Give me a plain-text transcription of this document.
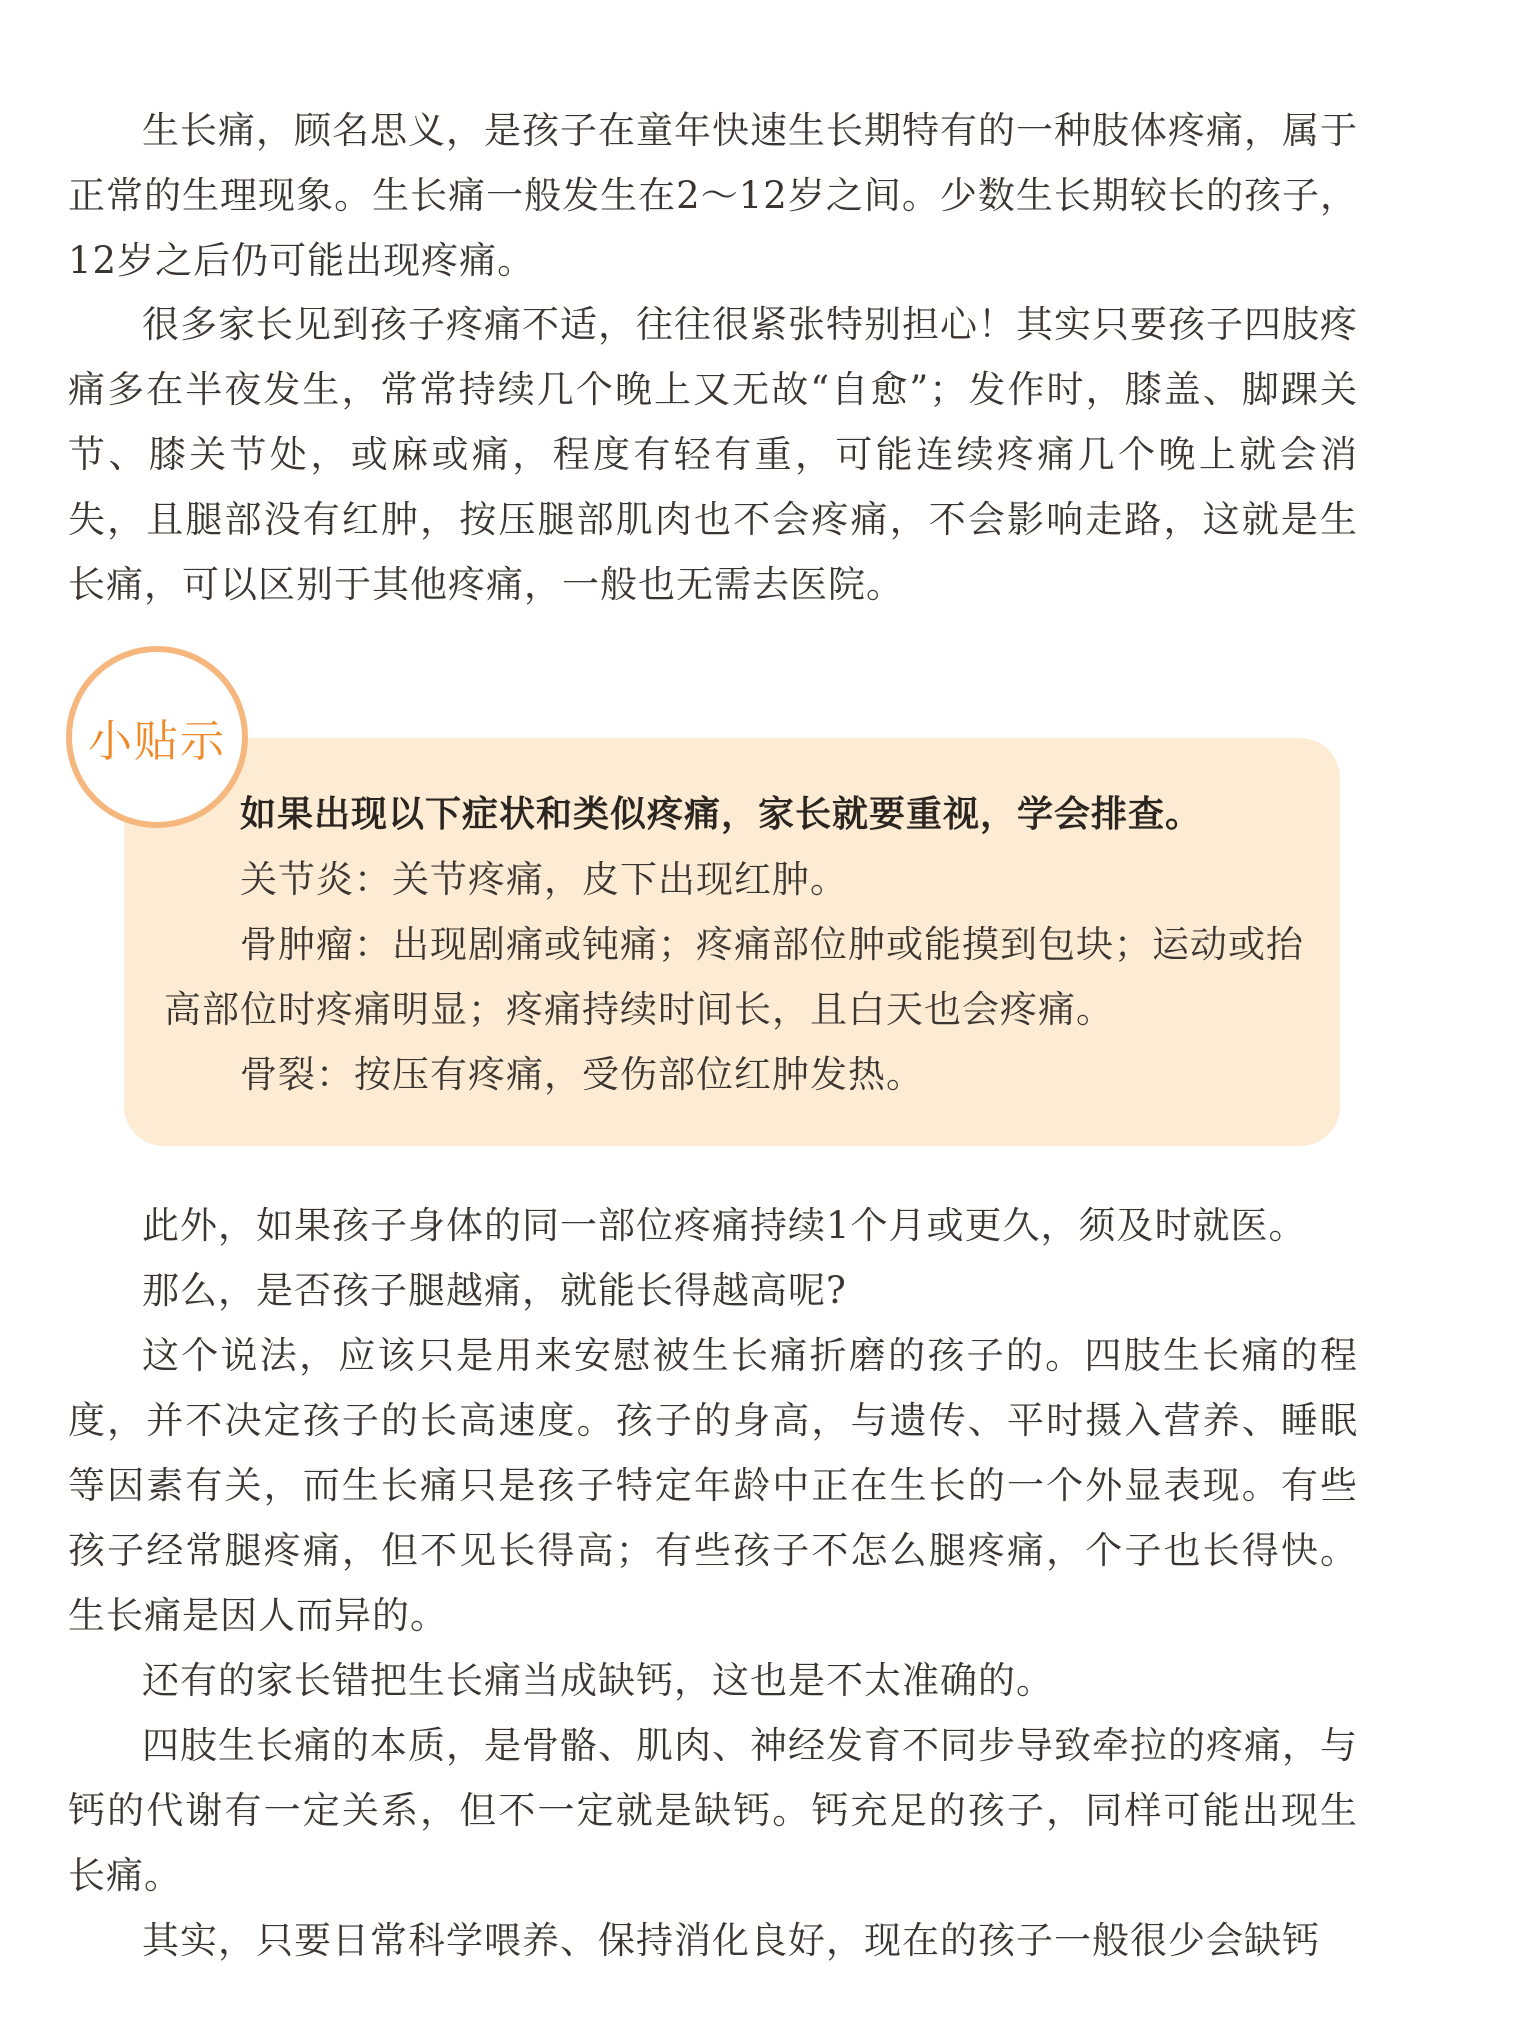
生长痛，顾名思义，是孩子在童年快速生长期特有的一种肢体疼痛，属于正常的生理现象。生长痛一般发生在2～12岁之间。少数生长期较长的孩子，12岁之后仍可能出现疼痛。

很多家长见到孩子疼痛不适，往往很紧张特别担心！其实只要孩子四肢疼痛多在半夜发生，常常持续几个晚上又无故“自愈”；发作时，膝盖、脚踝关节、膝关节处，或麻或痛，程度有轻有重，可能连续疼痛几个晚上就会消失，且腿部没有红肿，按压腿部肌肉也不会疼痛，不会影响走路，这就是生长痛，可以区别于其他疼痛，一般也无需去医院。

小贴示

如果出现以下症状和类似疼痛，家长就要重视，学会排查。

关节炎：关节疼痛，皮下出现红肿。

骨肿瘤：出现剧痛或钝痛；疼痛部位肿或能摸到包块；运动或抬高部位时疼痛明显；疼痛持续时间长，且白天也会疼痛。

骨裂：按压有疼痛，受伤部位红肿发热。

此外，如果孩子身体的同一部位疼痛持续1个月或更久，须及时就医。

那么，是否孩子腿越痛，就能长得越高呢?

这个说法，应该只是用来安慰被生长痛折磨的孩子的。四肢生长痛的程度，并不决定孩子的长高速度。孩子的身高，与遗传、平时摄入营养、睡眠等因素有关，而生长痛只是孩子特定年龄中正在生长的一个外显表现。有些孩子经常腿疼痛，但不见长得高；有些孩子不怎么腿疼痛，个子也长得快。生长痛是因人而异的。

还有的家长错把生长痛当成缺钙，这也是不太准确的。

四肢生长痛的本质，是骨骼、肌肉、神经发育不同步导致牵拉的疼痛，与钙的代谢有一定关系，但不一定就是缺钙。钙充足的孩子，同样可能出现生长痛。

其实，只要日常科学喂养、保持消化良好，现在的孩子一般很少会缺钙
